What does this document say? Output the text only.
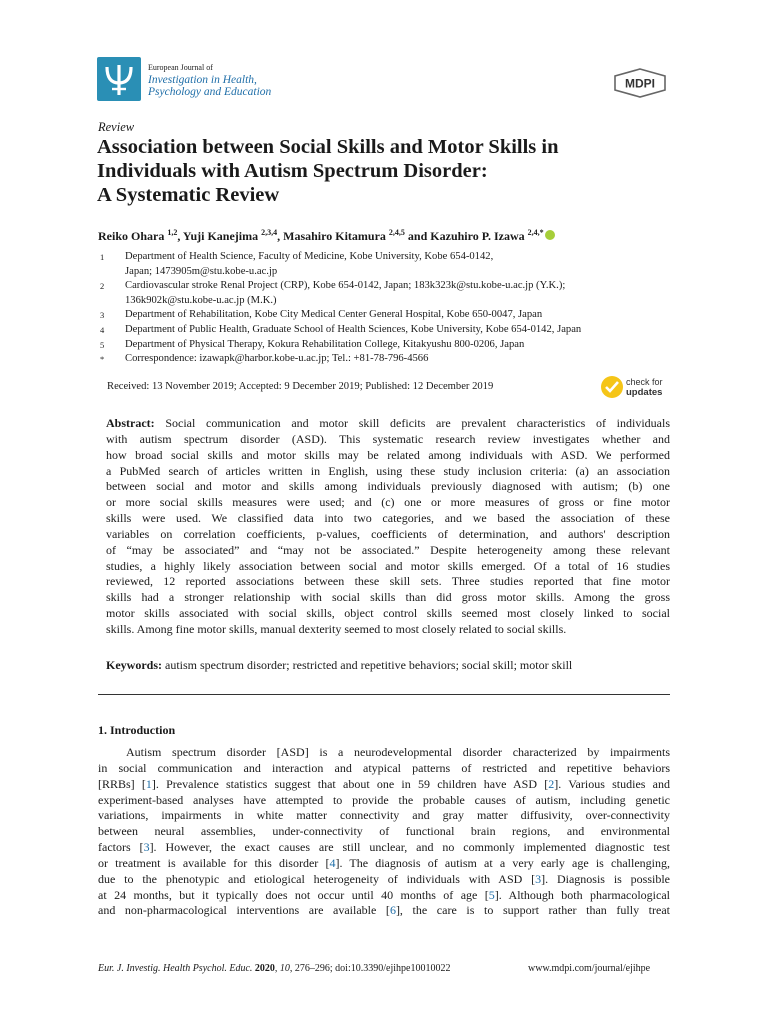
European Journal of
Investigation in Health,
Psychology and Education
MDPI
Review
Association between Social Skills and Motor Skills in
Individuals with Autism Spectrum Disorder:
A Systematic Review
Reiko Ohara $^{1,2}$, Yuji Kanejima $^{2,3,4}$, Masahiro Kitamura $^{2,4,5}$ and Kazuhiro P. Izawa $^{2,4,*}$
1	Department of Health Science, Faculty of Medicine, Kobe University, Kobe 654-0142,
Japan; 1473905m@stu.kobe-u.ac.jp
2	Cardiovascular stroke Renal Project (CRP), Kobe 654-0142, Japan; 183k323k@stu.kobe-u.ac.jp (Y.K.);
136k902k@stu.kobe-u.ac.jp (M.K.)
3	Department of Rehabilitation, Kobe City Medical Center General Hospital, Kobe 650-0047, Japan
4	Department of Public Health, Graduate School of Health Sciences, Kobe University, Kobe 654-0142, Japan
5	Department of Physical Therapy, Kokura Rehabilitation College, Kitakyushu 800-0206, Japan
*	Correspondence: izawapk@harbor.kobe-u.ac.jp; Tel.: +81-78-796-4566
Received: 13 November 2019; Accepted: 9 December 2019; Published: 12 December 2019	check for
updates
Abstract: Social communication and motor skill deficits are prevalent characteristics of individuals
with autism spectrum disorder (ASD). This systematic research review investigates whether and
how broad social skills and motor skills may be related among individuals with ASD. We performed
a PubMed search of articles written in English, using these study inclusion criteria: (a) an association
between social and motor and skills among individuals previously diagnosed with autism; (b) one
or more social skills measures were used; and (c) one or more measures of gross or fine motor
skills were used. We classified data into two categories, and we based the association of these
variables on correlation coefficients, p-values, coefficients of determination, and authors' description
of “may be associated” and “may not be associated.” Despite heterogeneity among these relevant
studies, a highly likely association between social and motor skills emerged. Of a total of 16 studies
reviewed, 12 reported associations between these skill sets. Three studies reported that fine motor
skills had a stronger relationship with social skills than did gross motor skills. Among the gross
motor skills associated with social skills, object control skills seemed most closely linked to social
skills. Among fine motor skills, manual dexterity seemed to most closely related to social skills.
Keywords: autism spectrum disorder; restricted and repetitive behaviors; social skill; motor skill
1. Introduction
Autism spectrum disorder [ASD] is a neurodevelopmental disorder characterized by impairments
in social communication and interaction and atypical patterns of restricted and repetitive behaviors
[RRBs] [1]. Prevalence statistics suggest that about one in 59 children have ASD [2]. Various studies and
experiment-based analyses have attempted to provide the probable causes of autism, including genetic
variations, impairments in white matter connectivity and gray matter diffusivity, over-connectivity
between neural assemblies, under-connectivity of functional brain regions, and environmental
factors [3]. However, the exact causes are still unclear, and no commonly implemented diagnostic test
or treatment is available for this disorder [4]. The diagnosis of autism at a very early age is challenging,
due to the phenotypic and etiological heterogeneity of individuals with ASD [3]. Diagnosis is possible
at 24 months, but it typically does not occur until 40 months of age [5]. Although both pharmacological
and non-pharmacological interventions are available [6], the care is to support rather than fully treat
Eur. J. Investig. Health Psychol. Educ. 2020, 10, 276–296; doi:10.3390/ejihpe10010022	www.mdpi.com/journal/ejihpe
